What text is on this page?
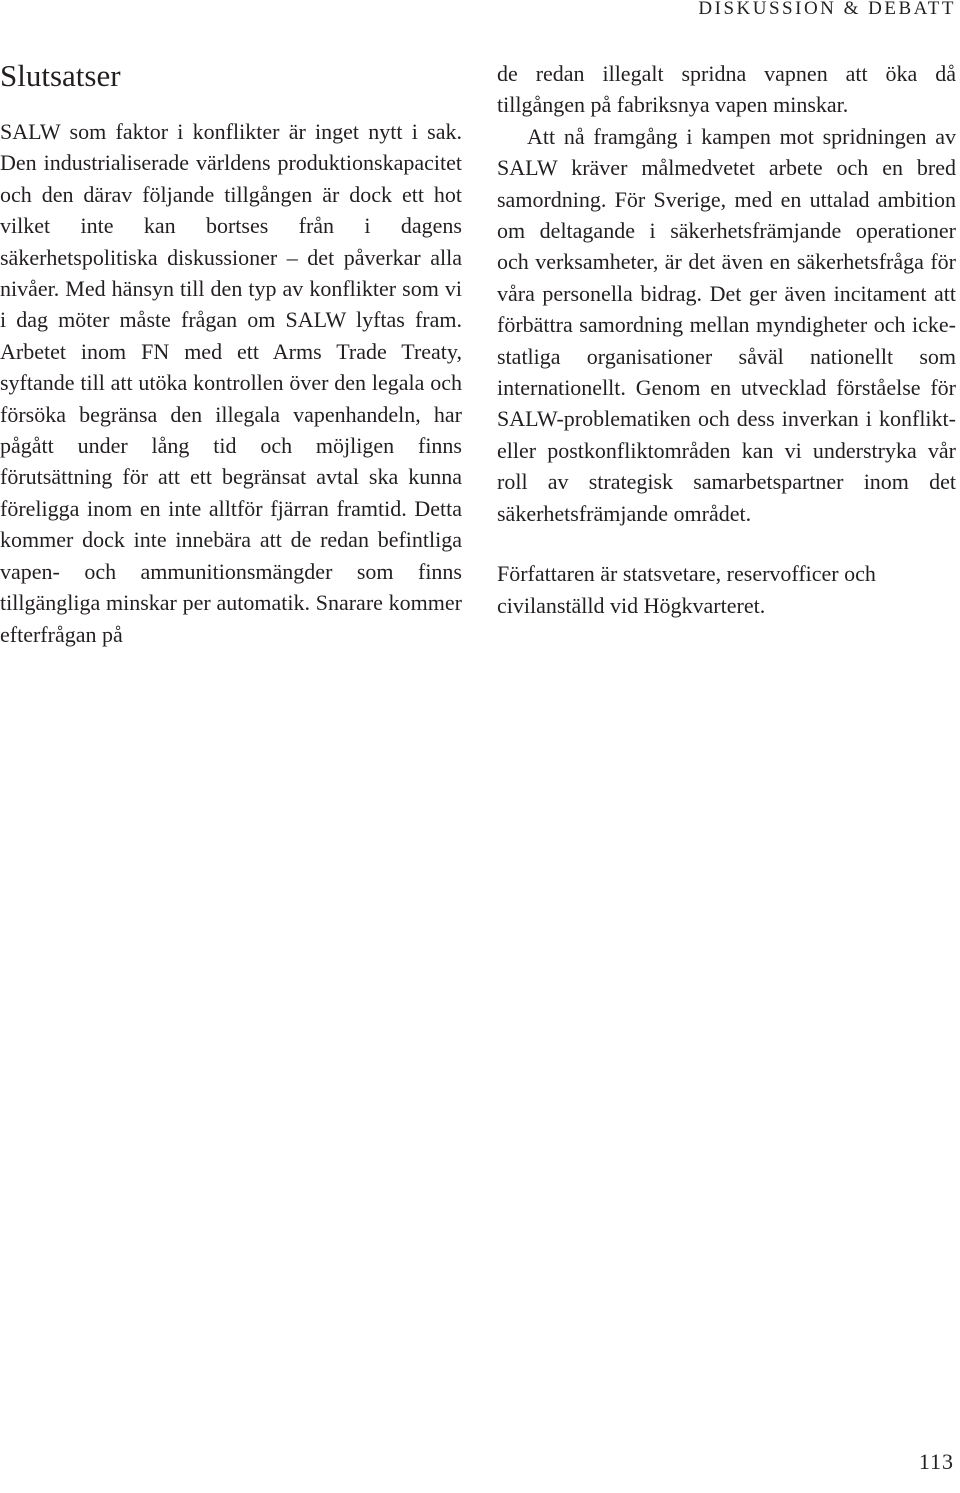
DISKUSSION & DEBATT
Slutsatser

SALW som faktor i konflikter är inget nytt i sak. Den industrialiserade världens produktionskapacitet och den därav följande tillgången är dock ett hot vilket inte kan bortses från i dagens säkerhetspolitiska diskussioner – det påverkar alla nivåer. Med hänsyn till den typ av konflikter som vi i dag möter måste frågan om SALW lyftas fram. Arbetet inom FN med ett Arms Trade Treaty, syftande till att utöka kontrollen över den legala och försöka begränsa den illegala vapenhandeln, har pågått under lång tid och möjligen finns förutsättning för att ett begränsat avtal ska kunna föreligga inom en inte alltför fjärran framtid. Detta kommer dock inte innebära att de redan befintliga vapen- och ammunitionsmängder som finns tillgängliga minskar per automatik. Snarare kommer efterfrågan på

de redan illegalt spridna vapnen att öka då tillgången på fabriksnya vapen minskar.

Att nå framgång i kampen mot spridningen av SALW kräver målmedvetet arbete och en bred samordning. För Sverige, med en uttalad ambition om deltagande i säkerhetsfrämjande operationer och verksamheter, är det även en säkerhetsfråga för våra personella bidrag. Det ger även incitament att förbättra samordning mellan myndigheter och icke-statliga organisationer såväl nationellt som internationellt. Genom en utvecklad förståelse för SALW-problematiken och dess inverkan i konflikt- eller postkonfliktområden kan vi understryka vår roll av strategisk samarbetspartner inom det säkerhetsfrämjande området.

Författaren är statsvetare, reservofficer och civilanställd vid Högkvarteret.

113
